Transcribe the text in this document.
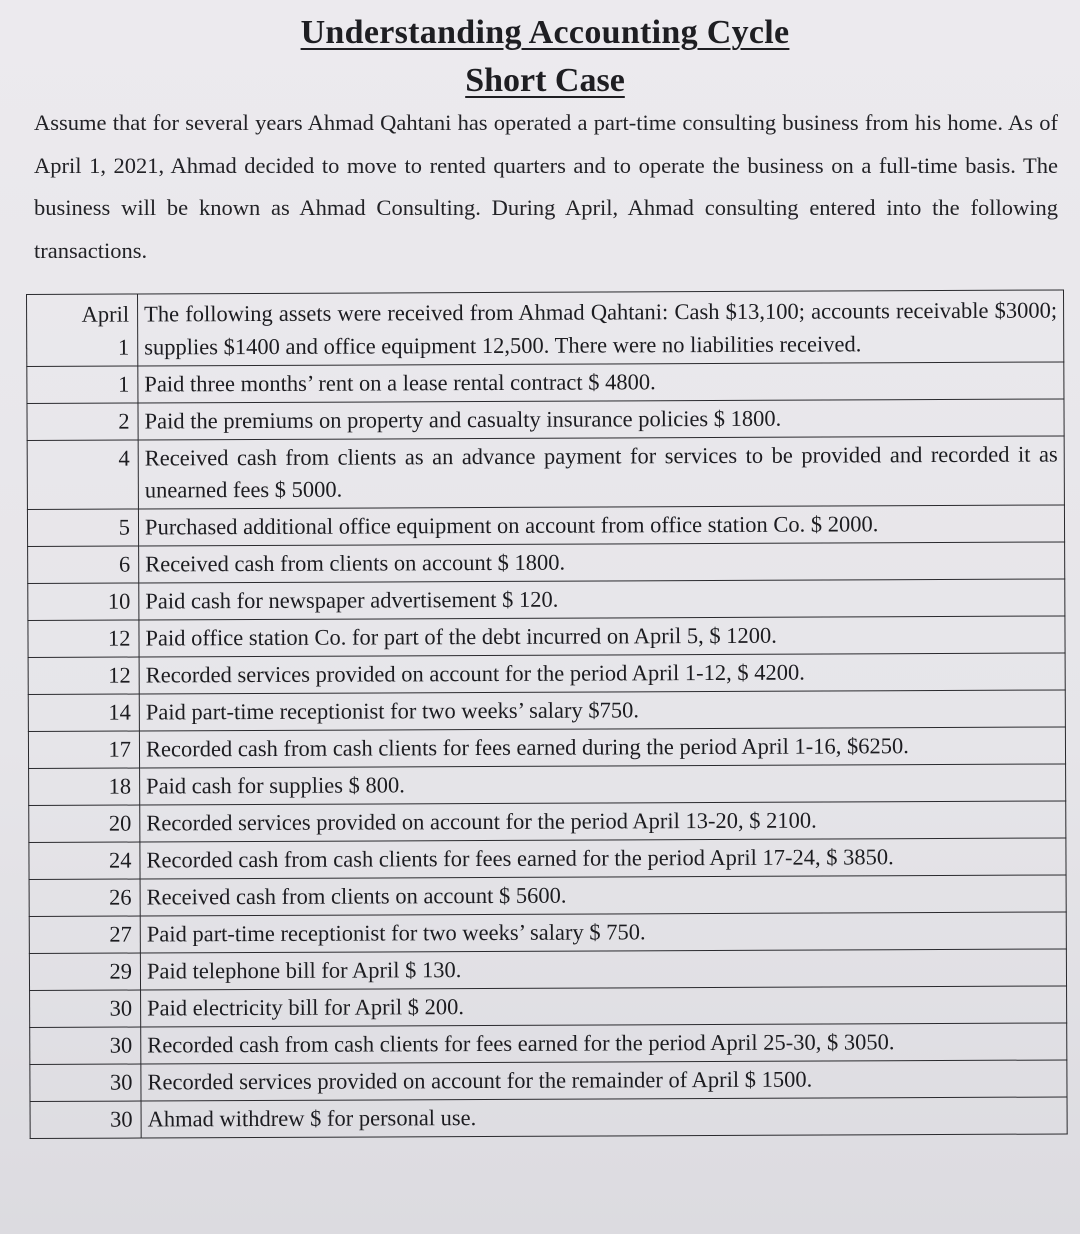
Understanding Accounting Cycle
Short Case
Assume that for several years Ahmad Qahtani has operated a part-time consulting business from his home. As of April 1, 2021, Ahmad decided to move to rented quarters and to operate the business on a full-time basis. The business will be known as Ahmad Consulting. During April, Ahmad consulting entered into the following transactions.
April
1	The following assets were received from Ahmad Qahtani: Cash $13,100; accounts receivable $3000; supplies $1400 and office equipment 12,500. There were no liabilities received.
1	Paid three months’ rent on a lease rental contract $ 4800.
2	Paid the premiums on property and casualty insurance policies $ 1800.
4	Received cash from clients as an advance payment for services to be provided and recorded it as unearned fees $ 5000.
5	Purchased additional office equipment on account from office station Co. $ 2000.
6	Received cash from clients on account $ 1800.
10	Paid cash for newspaper advertisement $ 120.
12	Paid office station Co. for part of the debt incurred on April 5, $ 1200.
12	Recorded services provided on account for the period April 1-12, $ 4200.
14	Paid part-time receptionist for two weeks’ salary $750.
17	Recorded cash from cash clients for fees earned during the period April 1-16, $6250.
18	Paid cash for supplies $ 800.
20	Recorded services provided on account for the period April 13-20, $ 2100.
24	Recorded cash from cash clients for fees earned for the period April 17-24, $ 3850.
26	Received cash from clients on account $ 5600.
27	Paid part-time receptionist for two weeks’ salary $ 750.
29	Paid telephone bill for April $ 130.
30	Paid electricity bill for April $ 200.
30	Recorded cash from cash clients for fees earned for the period April 25-30, $ 3050.
30	Recorded services provided on account for the remainder of April $ 1500.
30	Ahmad withdrew $ for personal use.
